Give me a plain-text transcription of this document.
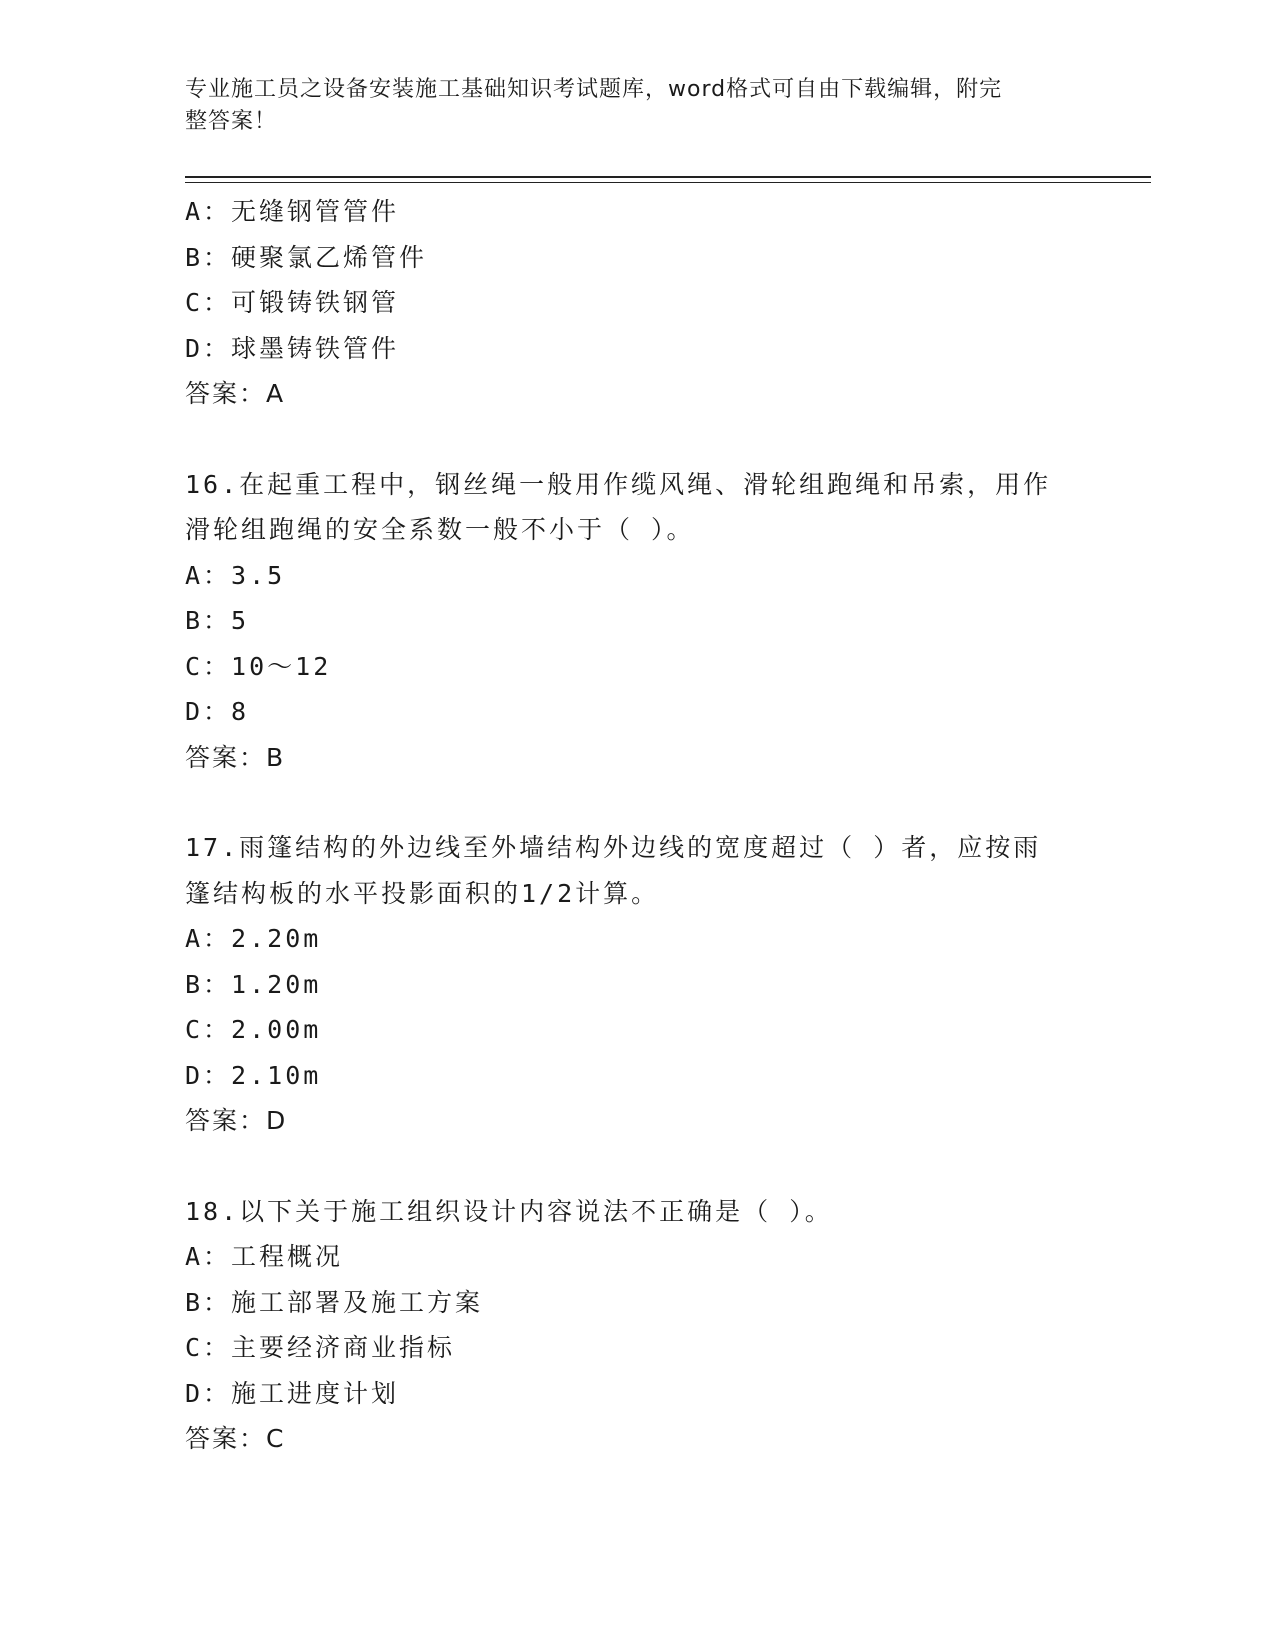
专业施工员之设备安装施工基础知识考试题库，word格式可自由下载编辑，附完
整答案！
A：无缝钢管管件
B：硬聚氯乙烯管件
C：可锻铸铁钢管
D：球墨铸铁管件
答案：A
16.在起重工程中，钢丝绳一般用作缆风绳、滑轮组跑绳和吊索，用作
滑轮组跑绳的安全系数一般不小于（ ）。
A：3.5
B：5
C：10～12
D：8
答案：B
17.雨篷结构的外边线至外墙结构外边线的宽度超过（ ）者，应按雨
篷结构板的水平投影面积的1/2计算。
A：2.20m
B：1.20m
C：2.00m
D：2.10m
答案：D
18.以下关于施工组织设计内容说法不正确是（ ）。
A：工程概况
B：施工部署及施工方案
C：主要经济商业指标
D：施工进度计划
答案：C
